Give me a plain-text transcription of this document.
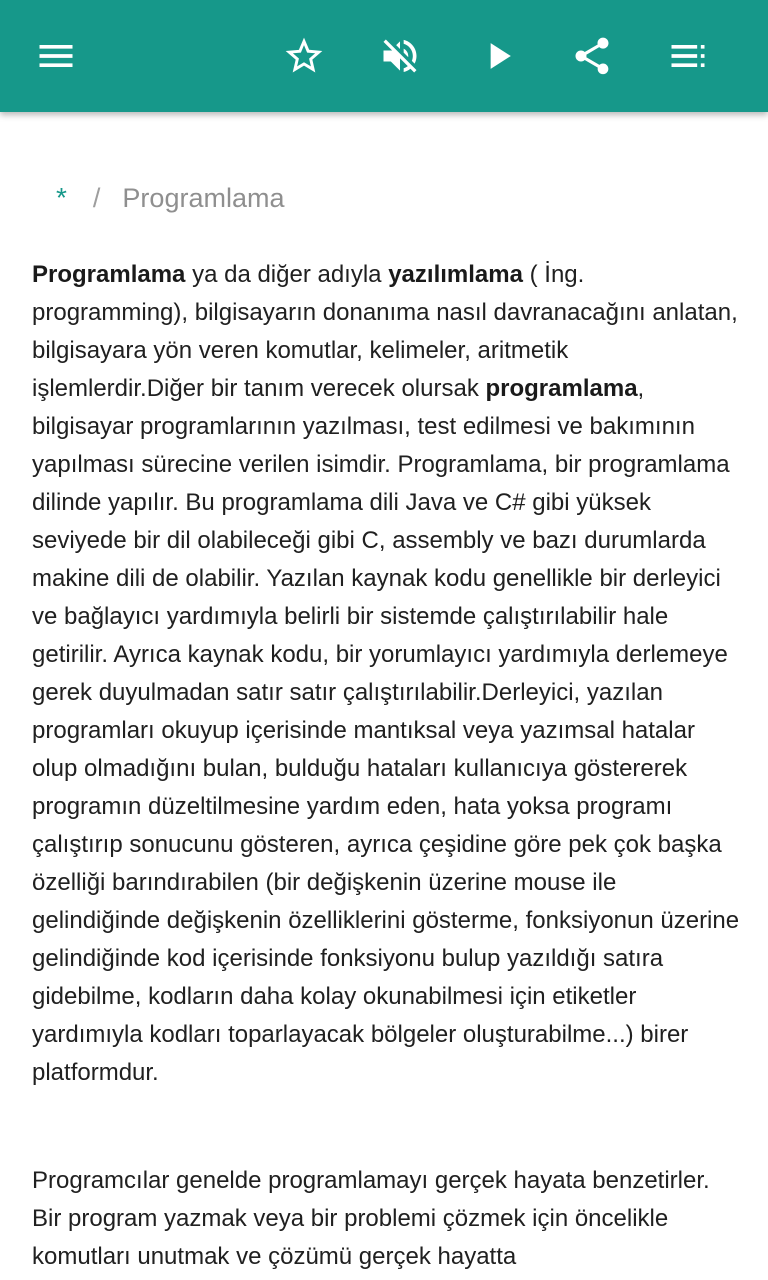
* / Programlama

Programlama ya da diğer adıyla yazılımlama ( İng. programming), bilgisayarın donanıma nasıl davranacağını anlatan, bilgisayara yön veren komutlar, kelimeler, aritmetik işlemlerdir.Diğer bir tanım verecek olursak programlama, bilgisayar programlarının yazılması, test edilmesi ve bakımının yapılması sürecine verilen isimdir. Programlama, bir programlama dilinde yapılır. Bu programlama dili Java ve C# gibi yüksek seviyede bir dil olabileceği gibi C, assembly ve bazı durumlarda makine dili de olabilir. Yazılan kaynak kodu genellikle bir derleyici ve bağlayıcı yardımıyla belirli bir sistemde çalıştırılabilir hale getirilir. Ayrıca kaynak kodu, bir yorumlayıcı yardımıyla derlemeye gerek duyulmadan satır satır çalıştırılabilir.Derleyici, yazılan programları okuyup içerisinde mantıksal veya yazımsal hatalar olup olmadığını bulan, bulduğu hataları kullanıcıya göstererek programın düzeltilmesine yardım eden, hata yoksa programı çalıştırıp sonucunu gösteren, ayrıca çeşidine göre pek çok başka özelliği barındırabilen (bir değişkenin üzerine mouse ile gelindiğinde değişkenin özelliklerini gösterme, fonksiyonun üzerine gelindiğinde kod içerisinde fonksiyonu bulup yazıldığı satıra gidebilme, kodların daha kolay okunabilmesi için etiketler yardımıyla kodları toparlayacak bölgeler oluşturabilme...) birer platformdur.

Programcılar genelde programlamayı gerçek hayata benzetirler. Bir program yazmak veya bir problemi çözmek için öncelikle komutları unutmak ve çözümü gerçek hayatta
